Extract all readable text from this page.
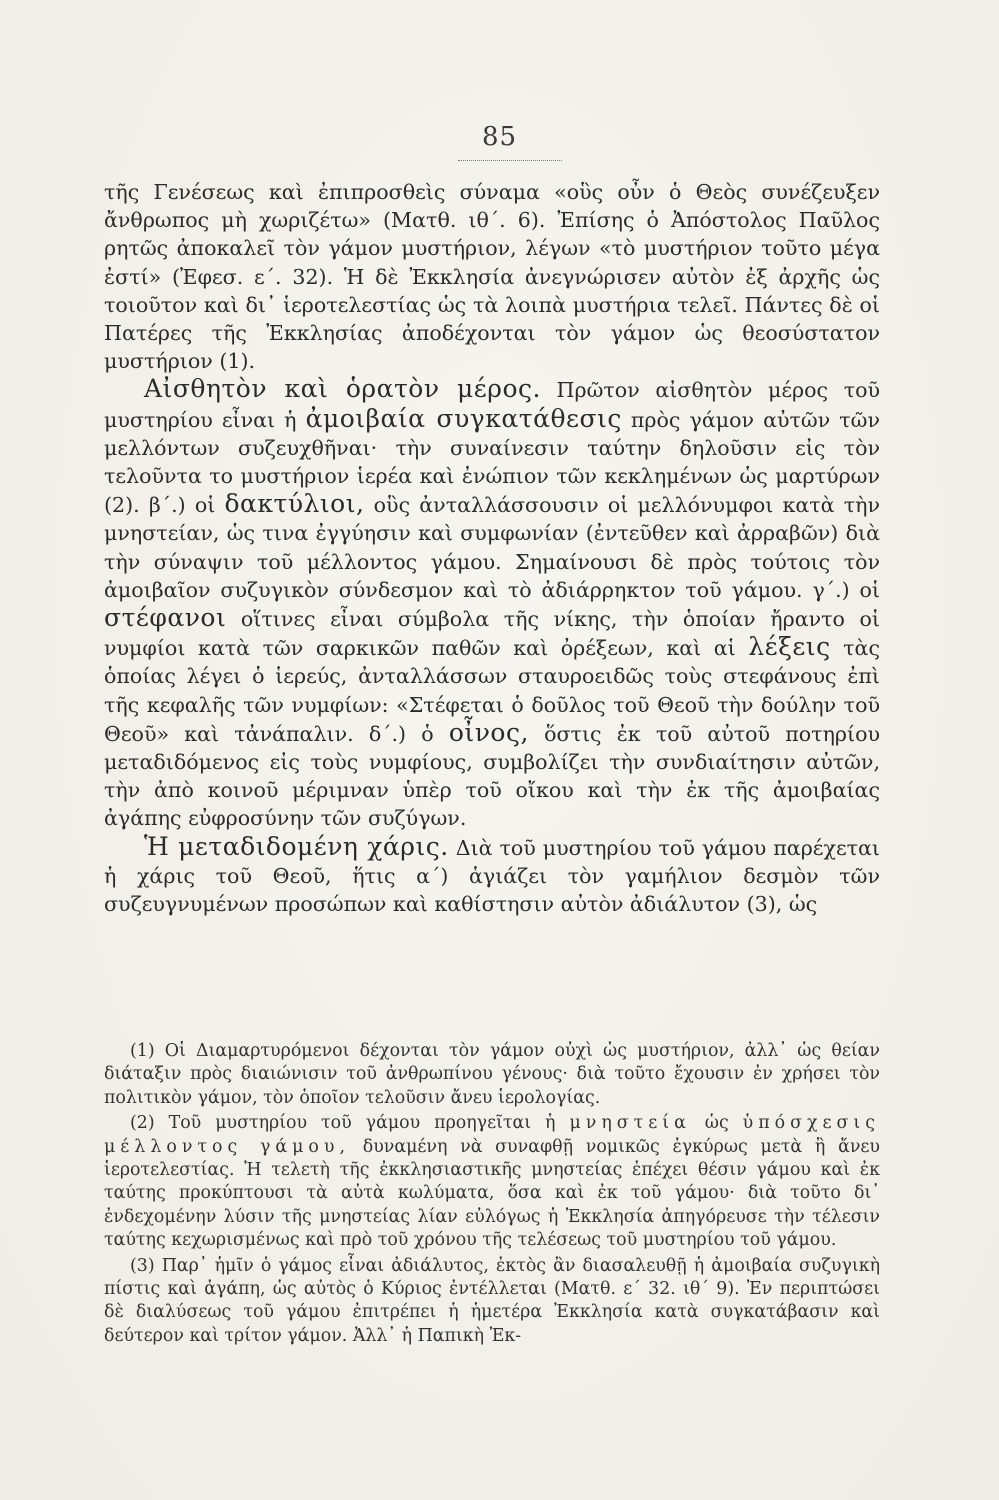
85

τῆς Γενέσεως καὶ ἐπιπροσθεὶς σύναμα «οὓς οὖν ὁ Θεὸς συνέζευξεν ἄνθρωπος μὴ χωριζέτω» (Ματθ. ιθ΄. 6). Ἐπίσης ὁ Ἀπόστολος Παῦλος ρητῶς ἀποκαλεῖ τὸν γάμον μυστήριον, λέγων «τὸ μυστήριον τοῦτο μέγα ἐστί» (Ἐφεσ. ε΄. 32). Ἡ δὲ Ἐκκλησία ἀνεγνώρισεν αὐτὸν ἐξ ἀρχῆς ὡς τοιοῦτον καὶ δι᾽ ἱεροτελεστίας ὡς τὰ λοιπὰ μυστήρια τελεῖ. Πάντες δὲ οἱ Πατέρες τῆς Ἐκκλησίας ἀποδέχονται τὸν γάμον ὡς θεοσύστατον μυστήριον (1).

Αἰσθητὸν καὶ ὁρατὸν μέρος. Πρῶτον αἰσθητὸν μέρος τοῦ μυστηρίου εἶναι ἡ ἀμοιβαία συγκατάθεσις πρὸς γάμον αὐτῶν τῶν μελλόντων συζευχθῆναι· τὴν συναίνεσιν ταύτην δηλοῦσιν εἰς τὸν τελοῦντα το μυστήριον ἱερέα καὶ ἐνώπιον τῶν κεκλημένων ὡς μαρτύρων (2). β΄.) οἱ δακτύλιοι, οὓς ἀνταλλάσσουσιν οἱ μελλόνυμφοι κατὰ τὴν μνηστείαν, ὡς τινα ἐγγύησιν καὶ συμφωνίαν (ἐντεῦθεν καὶ ἀρραβῶν) διὰ τὴν σύναψιν τοῦ μέλλοντος γάμου. Σημαίνουσι δὲ πρὸς τούτοις τὸν ἀμοιβαῖον συζυγικὸν σύνδεσμον καὶ τὸ ἀδιάρρηκτον τοῦ γάμου. γ΄.) οἱ στέφανοι οἵτινες εἶναι σύμβολα τῆς νίκης, τὴν ὁποίαν ἤραντο οἱ νυμφίοι κατὰ τῶν σαρκικῶν παθῶν καὶ ὀρέξεων, καὶ αἱ λέξεις τὰς ὁποίας λέγει ὁ ἱερεύς, ἀνταλλάσσων σταυροειδῶς τοὺς στεφάνους ἐπὶ τῆς κεφαλῆς τῶν νυμφίων: «Στέφεται ὁ δοῦλος τοῦ Θεοῦ τὴν δούλην τοῦ Θεοῦ» καὶ τἀνάπαλιν. δ΄.) ὁ οἶνος, ὅστις ἐκ τοῦ αὐτοῦ ποτηρίου μεταδιδόμενος εἰς τοὺς νυμφίους, συμβολίζει τὴν συνδιαίτησιν αὐτῶν, τὴν ἀπὸ κοινοῦ μέριμναν ὑπὲρ τοῦ οἴκου καὶ τὴν ἐκ τῆς ἀμοιβαίας ἀγάπης εὐφροσύνην τῶν συζύγων.

Ἡ μεταδιδομένη χάρις. Διὰ τοῦ μυστηρίου τοῦ γάμου παρέχεται ἡ χάρις τοῦ Θεοῦ, ἥτις α΄) ἁγιάζει τὸν γαμήλιον δεσμὸν τῶν συζευγνυμένων προσώπων καὶ καθίστησιν αὐτὸν ἀδιάλυτον (3), ὡς

(1) Οἱ Διαμαρτυρόμενοι δέχονται τὸν γάμον οὐχὶ ὡς μυστήριον, ἀλλ᾽ ὡς θείαν διάταξιν πρὸς διαιώνισιν τοῦ ἀνθρωπίνου γένους· διὰ τοῦτο ἔχουσιν ἐν χρήσει τὸν πολιτικὸν γάμον, τὸν ὁποῖον τελοῦσιν ἄνευ ἱερολογίας.

(2) Τοῦ μυστηρίου τοῦ γάμου προηγεῖται ἡ μνηστεία ὡς ὑπόσχεσις μέλλοντος γάμου, δυναμένη νὰ συναφθῇ νομικῶς ἐγκύρως μετὰ ἢ ἄνευ ἱεροτελεστίας. Ἡ τελετὴ τῆς ἐκκλησιαστικῆς μνηστείας ἐπέχει θέσιν γάμου καὶ ἐκ ταύτης προκύπτουσι τὰ αὐτὰ κωλύματα, ὅσα καὶ ἐκ τοῦ γάμου· διὰ τοῦτο δι᾽ ἐνδεχομένην λύσιν τῆς μνηστείας λίαν εὐλόγως ἡ Ἐκκλησία ἀπηγόρευσε τὴν τέλεσιν ταύτης κεχωρισμένως καὶ πρὸ τοῦ χρόνου τῆς τελέσεως τοῦ μυστηρίου τοῦ γάμου.

(3) Παρ᾽ ἡμῖν ὁ γάμος εἶναι ἀδιάλυτος, ἐκτὸς ἂν διασαλευθῇ ἡ ἀμοιβαία συζυγικὴ πίστις καὶ ἀγάπη, ὡς αὐτὸς ὁ Κύριος ἐντέλλεται (Ματθ. ε΄ 32. ιθ΄ 9). Ἐν περιπτώσει δὲ διαλύσεως τοῦ γάμου ἐπιτρέπει ἡ ἡμετέρα Ἐκκλησία κατὰ συγκατάβασιν καὶ δεύτερον καὶ τρίτον γάμον. Ἀλλ᾽ ἡ Παπικὴ Ἐκ-
